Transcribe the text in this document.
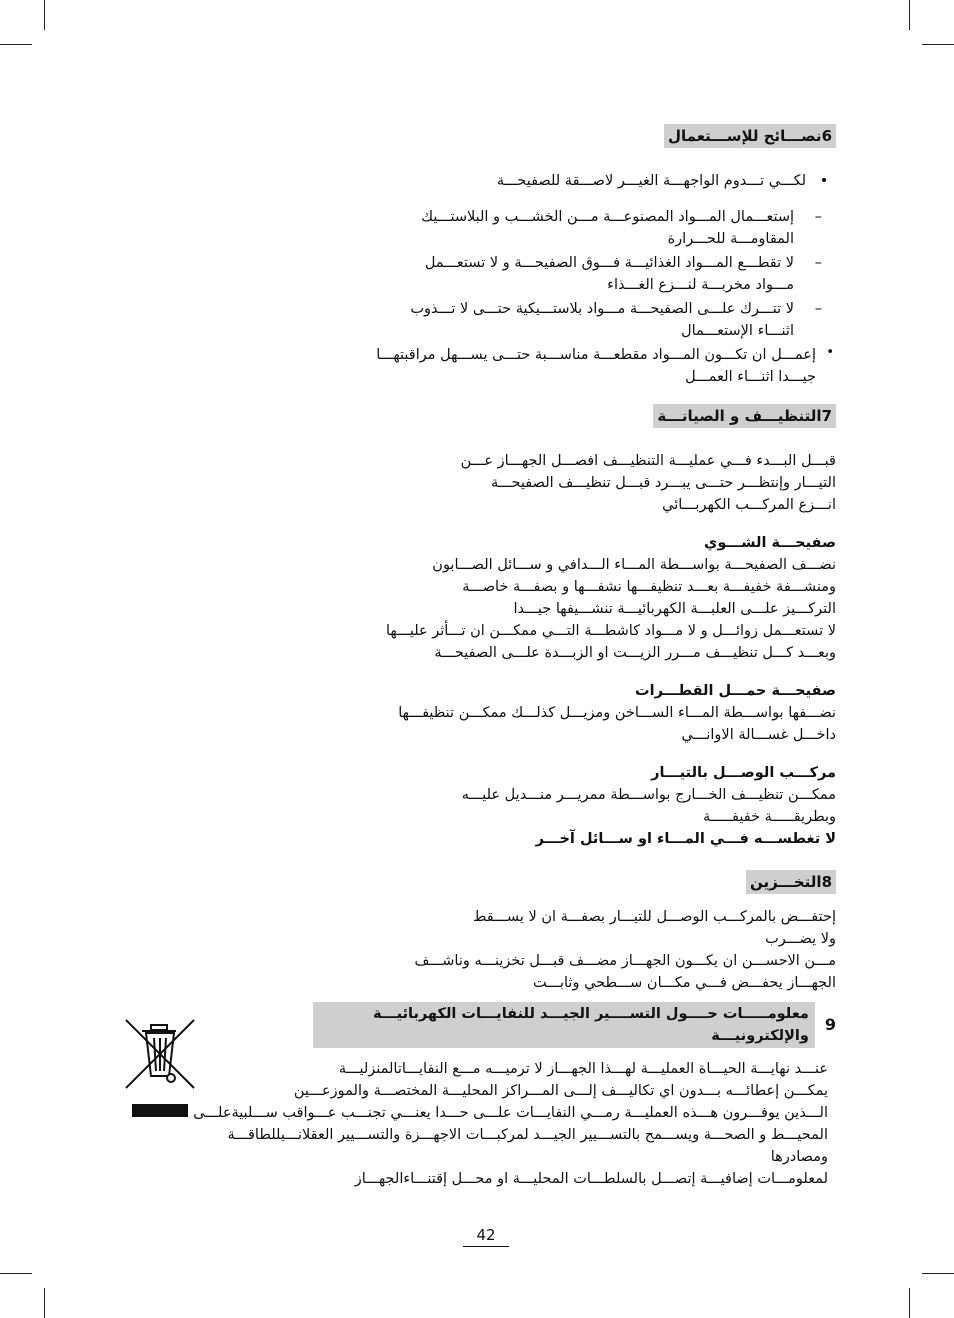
6نصـــائح للإســـتعمال
•لكـــي تـــدوم الواجهـــة الغيـــر لاصـــقة للصفيحـــة
–
إستعـــمال المـــواد المصنوعـــة مـــن الخشـــب و البلاستـــيك
المقاومـــة للحـــرارة
–
لا تقطـــع المـــواد الغذائيـــة فـــوق الصفيحـــة و لا تستعـــمل
مـــواد مخربـــة لنـــزع الغـــذاء
–
لا تتـــرك علـــى الصفيحـــة مـــواد بلاستـــيكية حتـــى لا تـــذوب
اثنـــاء الإستعـــمال
•
إعمـــل ان تكـــون المـــواد مقطعـــة مناســـبة حتـــى يســـهل مراقبتهـــا
جيـــدا اثنـــاء العمـــل
7التنظيـــف و الصيانـــة
قبـــل البـــدء فـــي عمليـــة التنظيـــف افصـــل الجهـــاز عـــن
التيـــار وإنتظـــر حتـــى يبـــرد قبـــل تنظيـــف الصفيحـــة
انـــزع المركـــب الكهربـــائي
صفيحـــة الشـــوي
نضـــف الصفيحـــة بواســـطة المـــاء الـــدافي و ســـائل الصـــابون
ومنشـــفة خفيفـــة بعـــد تنظيفـــها نشفـــها و بصفـــة خاصـــة
التركـــيز علـــى العلبـــة الكهربائيـــة تنشـــيفها جيـــدا
لا تستعـــمل زوائـــل و لا مـــواد كاشطـــة التـــي ممكـــن ان تـــأثر عليـــها
وبعـــد كـــل تنظيـــف مـــرر الزيـــت او الزبـــدة علـــى الصفيحـــة
صفيحـــة حمـــل القطـــرات
نضـــفها بواســـطة المـــاء الســـاخن ومزيـــل كذلـــك ممكـــن تنظيفـــها
داخـــل غســـالة الاوانـــي
مركـــب الوصـــل بالتيـــار
ممكـــن تنظيـــف الخـــارج بواســـطة ممريـــر منـــديل عليـــه
وبطريقـــــة خفيفـــــة
لا تغطســـه فـــي المـــاء او ســـائل آخـــر
8التخـــزين
إحتفـــض بالمركـــب الوصـــل للتيـــار بصفـــة ان لا يســـقط
ولا يضـــرب
مـــن الاحســـن ان يكـــون الجهـــاز مضـــف قبـــل تخزينـــه وناشـــف
الجهـــاز يحفـــض فـــي مكـــان ســـطحي وثابـــت
9
معلومـــــات حــــول التســــير الجيـــد للنفايـــات الكهربائيـــة والإلكترونيـــة
عنـــد نهايـــة الحيـــاة العمليـــة لهـــذا الجهـــاز لا ترميـــه مـــع النفايـــاتالمنزليـــة
يمكـــن إعطائـــه بـــدون اي تكاليـــف إلـــى المـــراكز المحليـــة المختصـــة والموزعـــين
الـــذين يوفـــرون هـــذه العمليـــة رمـــي النفايـــات علـــى حـــدا يعنـــي تجنـــب عـــواقب ســـلبيةعلـــى
المحيـــط و الصحـــة ويســـمح بالتســـيير الجيـــد لمركبـــات الاجهـــزة والتســـيير العقلانـــيللطاقـــة
ومصادرها
لمعلومـــات إضافيـــة إتصـــل بالسلطـــات المحليـــة او محـــل إقتنـــاءالجهـــاز
42
